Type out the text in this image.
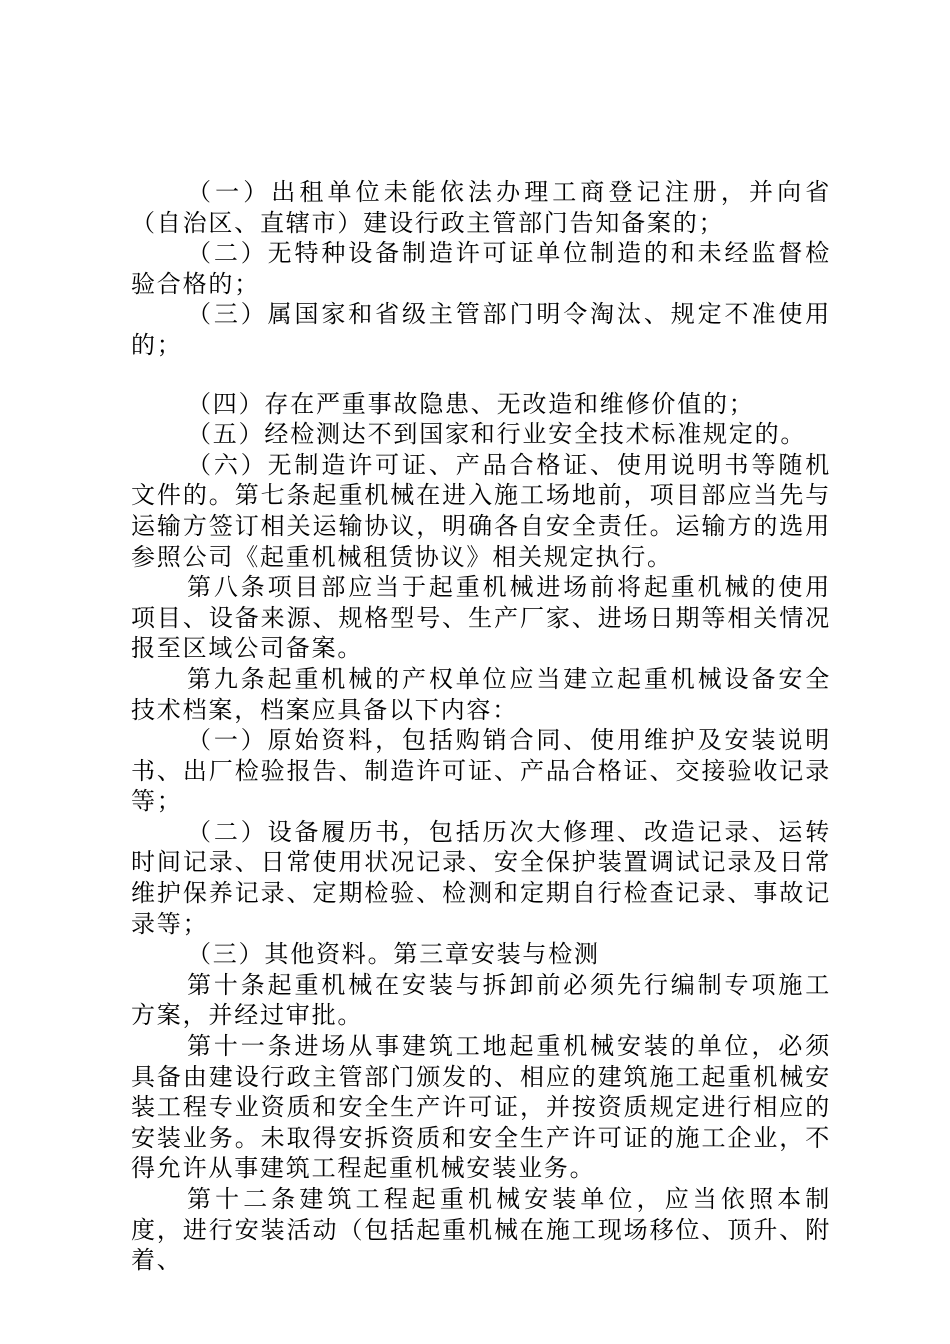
（一）出租单位未能依法办理工商登记注册，并向省（自治区、直辖市）建设行政主管部门告知备案的；

（二）无特种设备制造许可证单位制造的和未经监督检验合格的；

（三）属国家和省级主管部门明令淘汰、规定不准使用的；

（四）存在严重事故隐患、无改造和维修价值的；

（五）经检测达不到国家和行业安全技术标准规定的。

（六）无制造许可证、产品合格证、使用说明书等随机文件的。第七条起重机械在进入施工场地前，项目部应当先与运输方签订相关运输协议，明确各自安全责任。运输方的选用参照公司《起重机械租赁协议》相关规定执行。

第八条项目部应当于起重机械进场前将起重机械的使用项目、设备来源、规格型号、生产厂家、进场日期等相关情况报至区域公司备案。

第九条起重机械的产权单位应当建立起重机械设备安全技术档案，档案应具备以下内容：

（一）原始资料，包括购销合同、使用维护及安装说明书、出厂检验报告、制造许可证、产品合格证、交接验收记录等；

（二）设备履历书，包括历次大修理、改造记录、运转时间记录、日常使用状况记录、安全保护装置调试记录及日常维护保养记录、定期检验、检测和定期自行检查记录、事故记录等；

（三）其他资料。第三章安装与检测

第十条起重机械在安装与拆卸前必须先行编制专项施工方案，并经过审批。

第十一条进场从事建筑工地起重机械安装的单位，必须具备由建设行政主管部门颁发的、相应的建筑施工起重机械安装工程专业资质和安全生产许可证，并按资质规定进行相应的安装业务。未取得安拆资质和安全生产许可证的施工企业，不得允许从事建筑工程起重机械安装业务。

第十二条建筑工程起重机械安装单位，应当依照本制度，进行安装活动（包括起重机械在施工现场移位、顶升、附着、
